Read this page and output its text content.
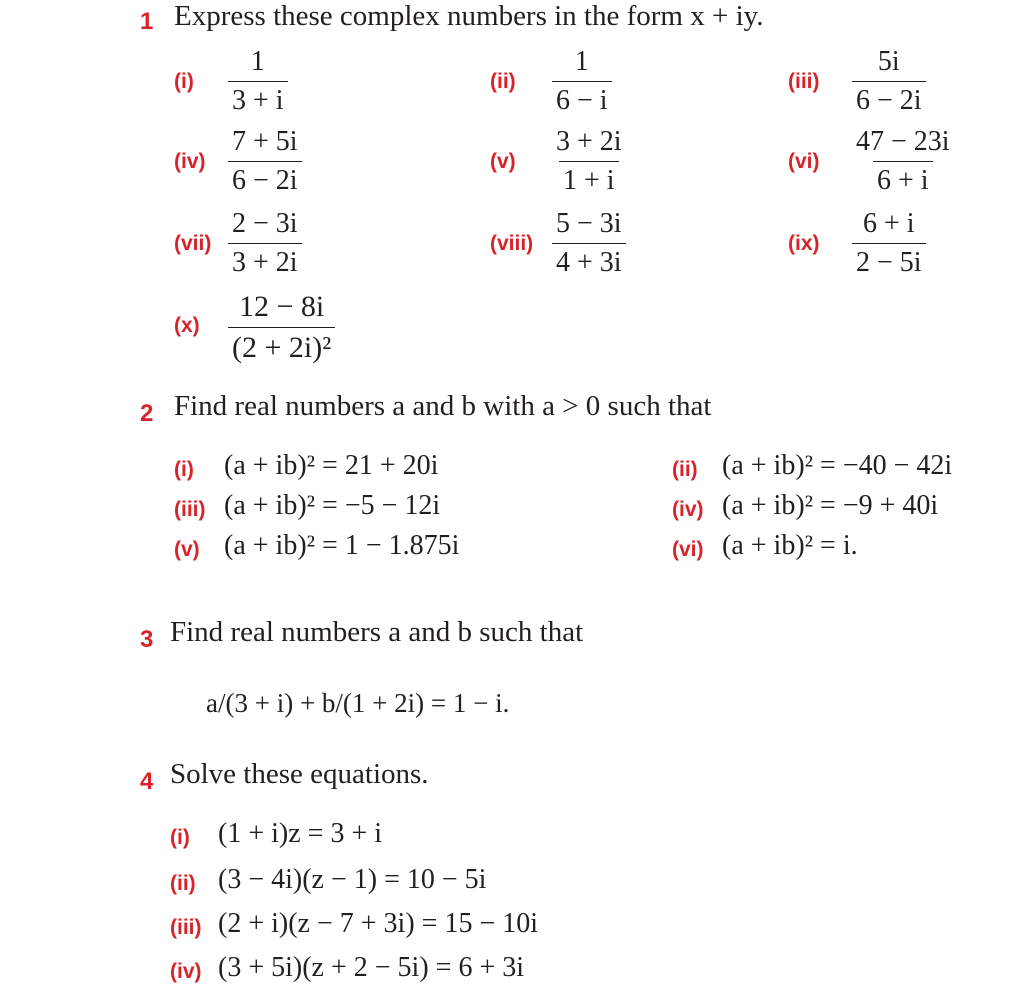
1 Express these complex numbers in the form x + iy.
$(i) \frac{1}{3 + i}$	$(ii) \frac{1}{6 - i}$	$(iii) \frac{5i}{6 - 2i}$
$(iv) \frac{7 + 5i}{6 - 2i}$	$(v) \frac{3 + 2i}{1 + i}$	$(vi) \frac{47 - 23i}{6 + i}$
$(vii) \frac{2 - 3i}{3 + 2i}$	(viii) $\frac{5 - 3i}{4 + 3i}$	$(ix) \frac{6 + i}{2 - 5i}$
$(x) \frac{12 - 8i}{\text{(2 + 2i)²}}$
2 Find real numbers a and b with a > 0 such that
(i) (a + ib)² = 21 + 20i	(ii) (a + ib)² = −40 − 42i
(iii) (a + ib)² = −5 − 12i	(iv) (a + ib)² = −9 + 40i
(v) (a + ib)² = 1 − 1.875i	(vi) (a + ib)² = i.
3 Find real numbers a and b such that
a/(3 + i) + b/(1 + 2i) = 1 − i.
4 Solve these equations.
(i) (1 + i)z = 3 + i
(ii) (3 − 4i)(z − 1) = 10 − 5i
(iii) (2 + i)(z − 7 + 3i) = 15 − 10i
(iv) (3 + 5i)(z + 2 − 5i) = 6 + 3i
